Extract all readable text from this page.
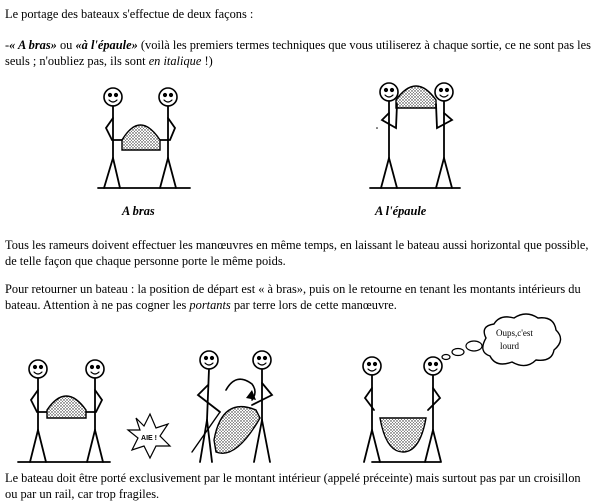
Le portage des bateaux s'effectue de deux façons :

-« A bras» ou «à l'épaule» (voilà les premiers termes techniques que vous utiliserez à chaque sortie, ce ne sont pas les seuls ; n'oubliez pas, ils sont en italique !)

Tous les rameurs doivent effectuer les manœuvres en même temps, en laissant le bateau aussi horizontal que possible, de telle façon que chaque personne porte le même poids.

Pour retourner un bateau : la position de départ est « à bras», puis on le retourne en tenant les montants intérieurs du bateau. Attention à ne pas cogner les portants par terre lors de cette manœuvre.

Le bateau doit être porté exclusivement par le montant intérieur (appelé préceinte) mais surtout pas par un croisillon ou par un rail, car trop fragiles.

A bras	A l'épaule
AIE !
Oups,c'est
lourd
